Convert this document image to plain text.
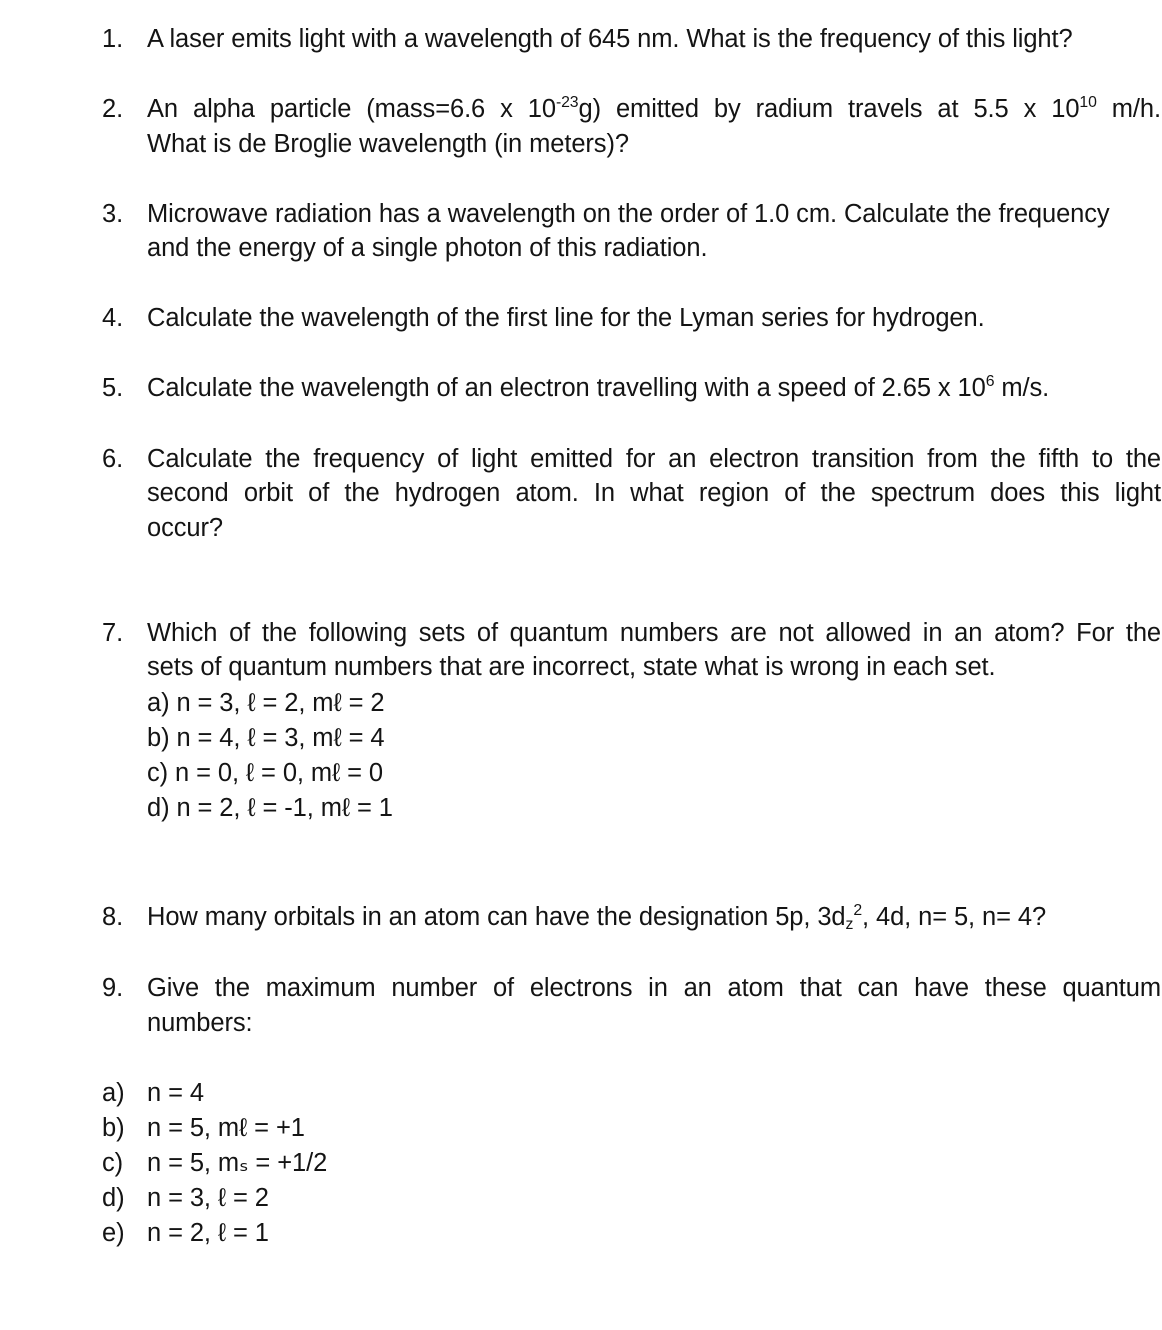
1. A laser emits light with a wavelength of 645 nm. What is the frequency of this light?
2. An alpha particle (mass=6.6 x $10^{-23}g$) emitted by radium travels at 5.5 x $10^{10}$ m/h.
What is de Broglie wavelength (in meters)?
3. Microwave radiation has a wavelength on the order of 1.0 cm. Calculate the frequency
and the energy of a single photon of this radiation.
4. Calculate the wavelength of the first line for the Lyman series for hydrogen.
5. Calculate the wavelength of an electron travelling with a speed of 2.65 x $10^6$ m/s.
6. Calculate the frequency of light emitted for an electron transition from the fifth to the
second orbit of the hydrogen atom. In what region of the spectrum does this light
occur?
7. Which of the following sets of quantum numbers are not allowed in an atom? For the
sets of quantum numbers that are incorrect, state what is wrong in each set.
a) n = 3, ℓ = 2, mℓ = 2
b) n = 4, ℓ = 3, mℓ = 4
c) n = 0, ℓ = 0, mℓ = 0
d) n = 2, ℓ = -1, mℓ = 1
8. How many orbitals in an atom can have the designation 5p, $3d_z^2$, 4d, n= 5, n= 4?
9. Give the maximum number of electrons in an atom that can have these quantum
numbers:
a) n = 4
b) n = 5, mℓ = +1
c) n = 5, mₛ = +1/2
d) n = 3, ℓ = 2
e) n = 2, ℓ = 1
